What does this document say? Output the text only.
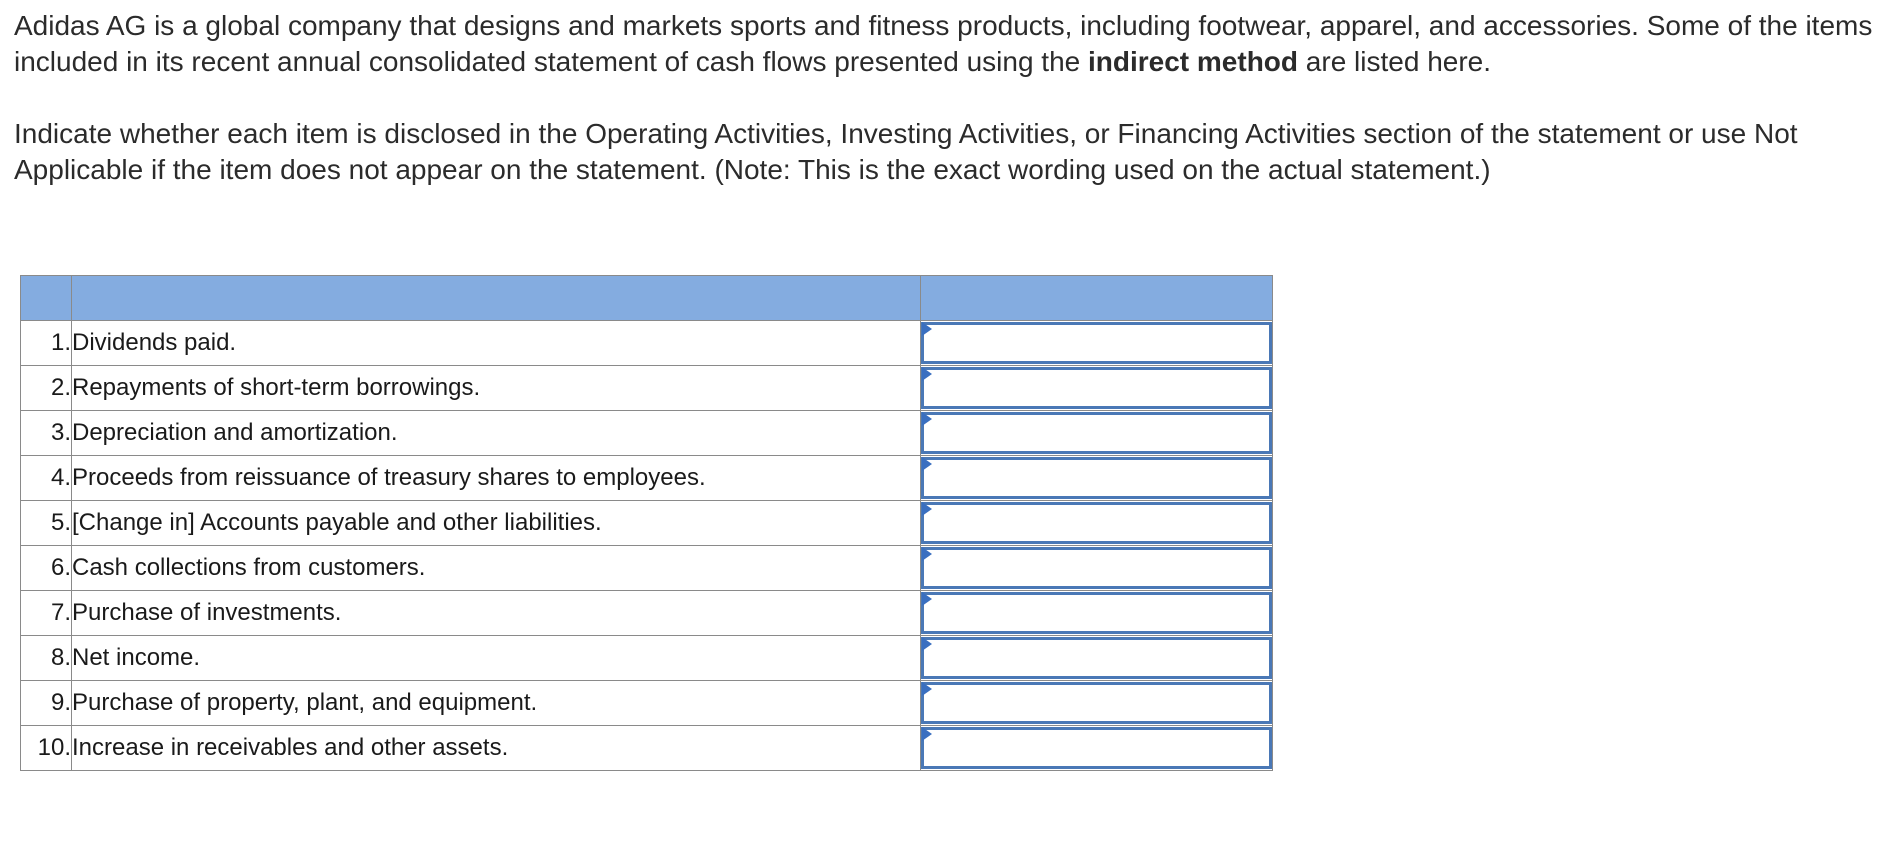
Adidas AG is a global company that designs and markets sports and fitness products, including footwear, apparel, and accessories. Some of the items included in its recent annual consolidated statement of cash flows presented using the indirect method are listed here.

Indicate whether each item is disclosed in the Operating Activities, Investing Activities, or Financing Activities section of the statement or use Not Applicable if the item does not appear on the statement. (Note: This is the exact wording used on the actual statement.)

1.	Dividends paid.	

2.	Repayments of short-term borrowings.	

3.	Depreciation and amortization.	

4.	Proceeds from reissuance of treasury shares to employees.	

5.	[Change in] Accounts payable and other liabilities.	

6.	Cash collections from customers.	

7.	Purchase of investments.	

8.	Net income.	

9.	Purchase of property, plant, and equipment.	

10.	Increase in receivables and other assets.	
